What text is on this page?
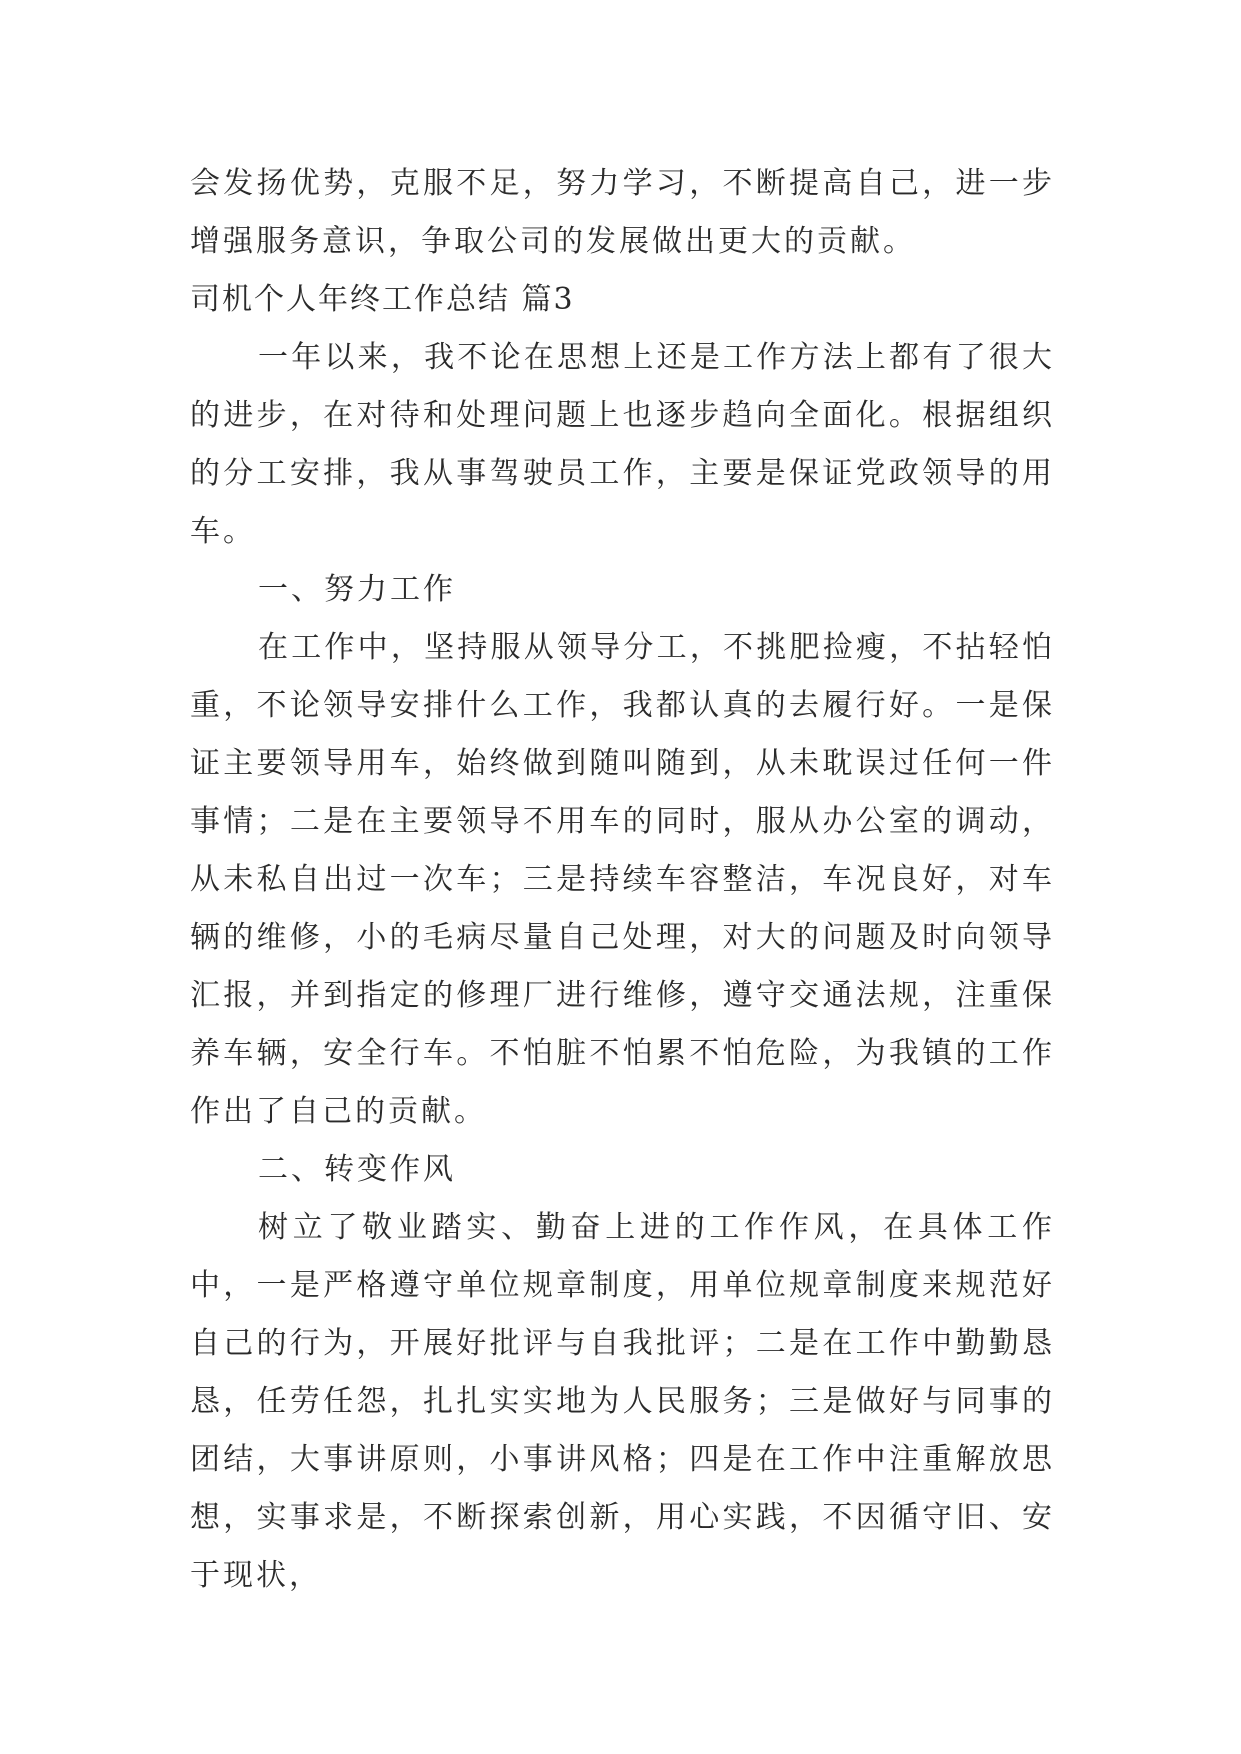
会发扬优势，克服不足，努力学习，不断提高自己，进一步增强服务意识，争取公司的发展做出更大的贡献。

司机个人年终工作总结 篇3

一年以来，我不论在思想上还是工作方法上都有了很大的进步，在对待和处理问题上也逐步趋向全面化。根据组织的分工安排，我从事驾驶员工作，主要是保证党政领导的用车。

一、努力工作

在工作中，坚持服从领导分工，不挑肥捡瘦，不拈轻怕重，不论领导安排什么工作，我都认真的去履行好。一是保证主要领导用车，始终做到随叫随到，从未耽误过任何一件事情；二是在主要领导不用车的同时，服从办公室的调动，从未私自出过一次车；三是持续车容整洁，车况良好，对车辆的维修，小的毛病尽量自己处理，对大的问题及时向领导汇报，并到指定的修理厂进行维修，遵守交通法规，注重保养车辆，安全行车。不怕脏不怕累不怕危险，为我镇的工作作出了自己的贡献。

二、转变作风

树立了敬业踏实、勤奋上进的工作作风，在具体工作中，一是严格遵守单位规章制度，用单位规章制度来规范好自己的行为，开展好批评与自我批评；二是在工作中勤勤恳恳，任劳任怨，扎扎实实地为人民服务；三是做好与同事的团结，大事讲原则，小事讲风格；四是在工作中注重解放思想，实事求是，不断探索创新，用心实践，不因循守旧、安于现状，
